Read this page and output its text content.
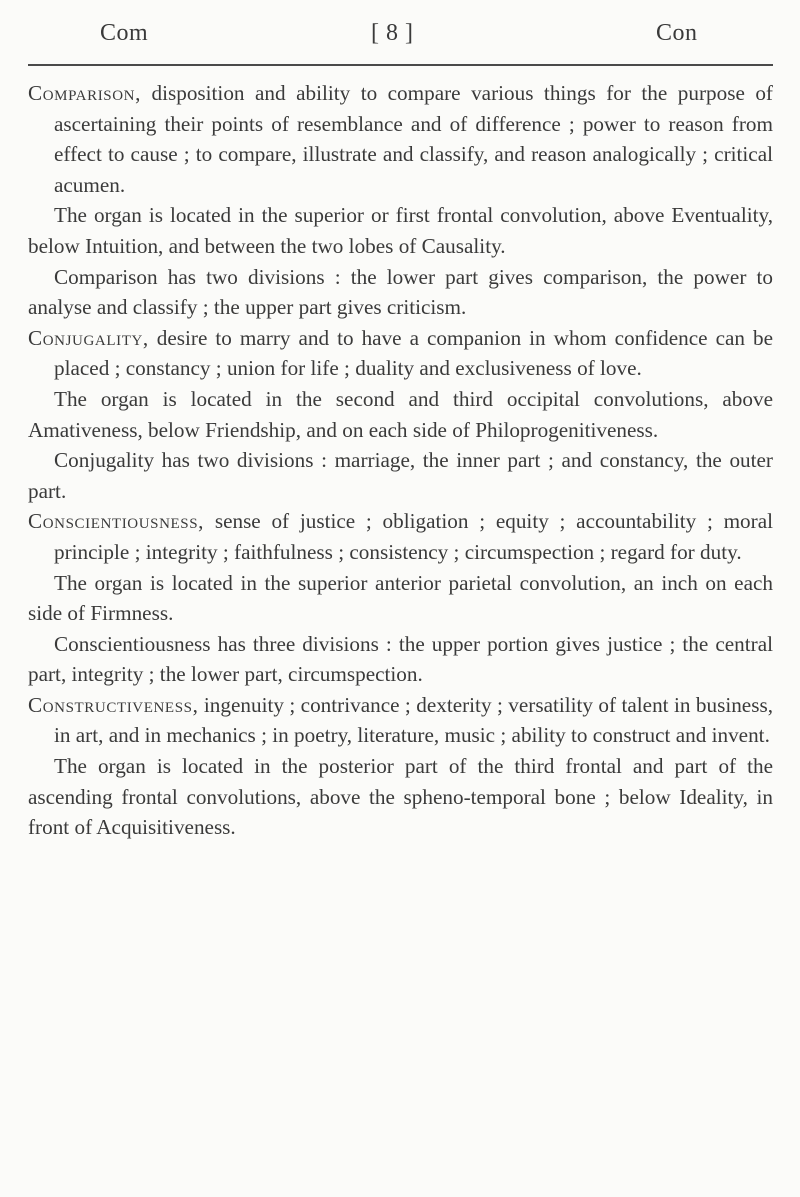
Com	[ 8 ]	Con

Comparison, disposition and ability to compare various things for the purpose of ascertaining their points of resemblance and of difference ; power to reason from effect to cause ; to compare, illustrate and classify, and reason analogically ; critical acumen.

The organ is located in the superior or first frontal convolution, above Eventuality, below Intuition, and between the two lobes of Causality.

Comparison has two divisions : the lower part gives comparison, the power to analyse and classify ; the upper part gives criticism.

Conjugality, desire to marry and to have a companion in whom confidence can be placed ; constancy ; union for life ; duality and exclusiveness of love.

The organ is located in the second and third occipital convolutions, above Amativeness, below Friendship, and on each side of Philoprogenitiveness.

Conjugality has two divisions : marriage, the inner part ; and constancy, the outer part.

Conscientiousness, sense of justice ; obligation ; equity ; accountability ; moral principle ; integrity ; faithfulness ; consistency ; circumspection ; regard for duty.

The organ is located in the superior anterior parietal convolution, an inch on each side of Firmness.

Conscientiousness has three divisions : the upper portion gives justice ; the central part, integrity ; the lower part, circumspection.

Constructiveness, ingenuity ; contrivance ; dexterity ; versatility of talent in business, in art, and in mechanics ; in poetry, literature, music ; ability to construct and invent.

The organ is located in the posterior part of the third frontal and part of the ascending frontal convolutions, above the spheno-temporal bone ; below Ideality, in front of Acquisitiveness.
